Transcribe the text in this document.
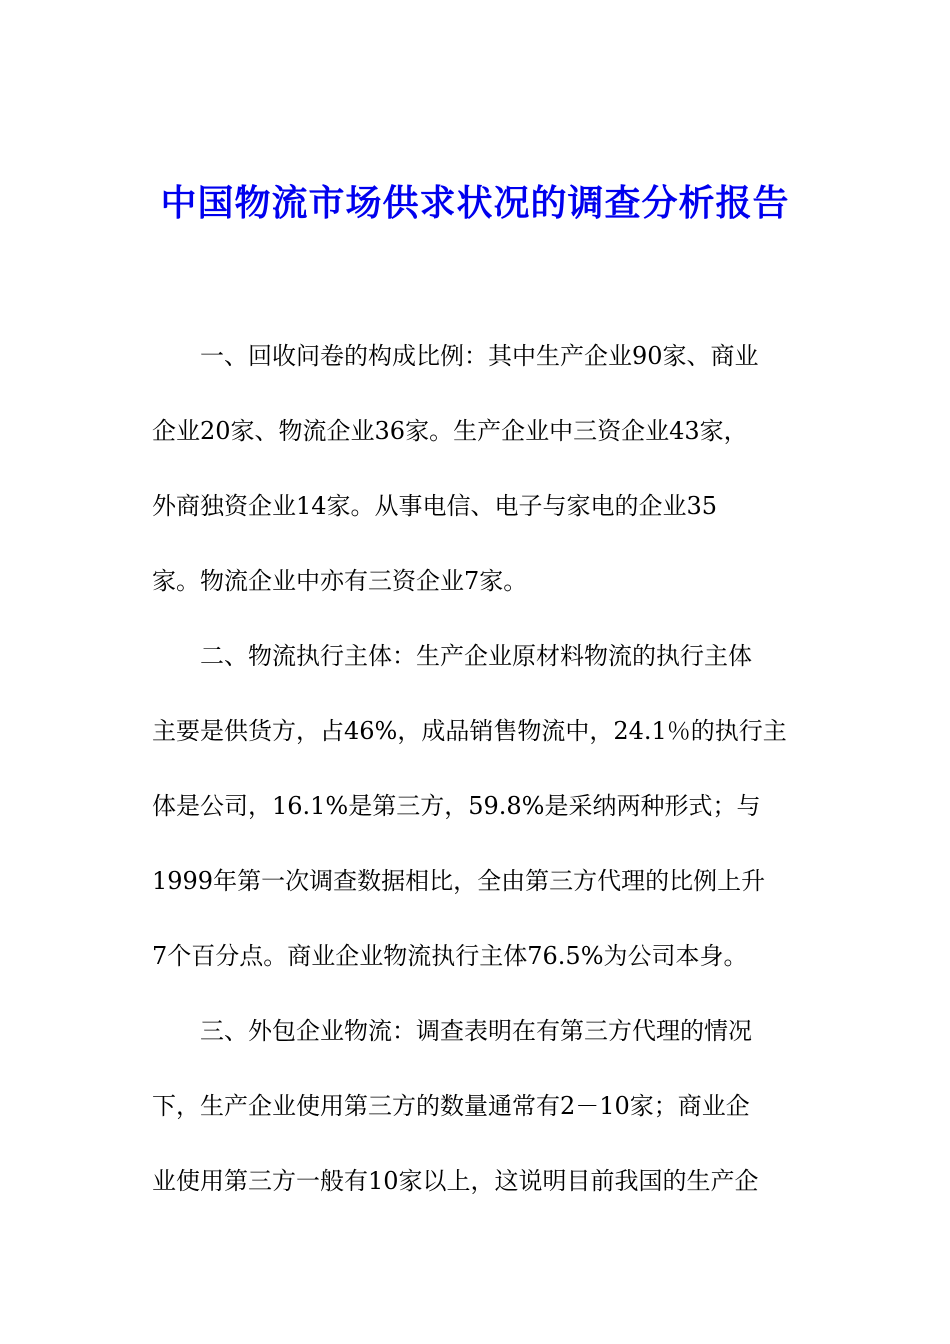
中国物流市场供求状况的调查分析报告
一、回收问卷的构成比例：其中生产企业90家、商业
企业20家、物流企业36家。生产企业中三资企业43家，
外商独资企业14家。从事电信、电子与家电的企业35
家。物流企业中亦有三资企业7家。
二、物流执行主体：生产企业原材料物流的执行主体
主要是供货方，占46%，成品销售物流中，24.1％的执行主
体是公司，16.1%是第三方，59.8%是采纳两种形式；与
1999年第一次调查数据相比，全由第三方代理的比例上升
7个百分点。商业企业物流执行主体76.5%为公司本身。
三、外包企业物流：调查表明在有第三方代理的情况
下，生产企业使用第三方的数量通常有2－10家；商业企
业使用第三方一般有10家以上，这说明目前我国的生产企
